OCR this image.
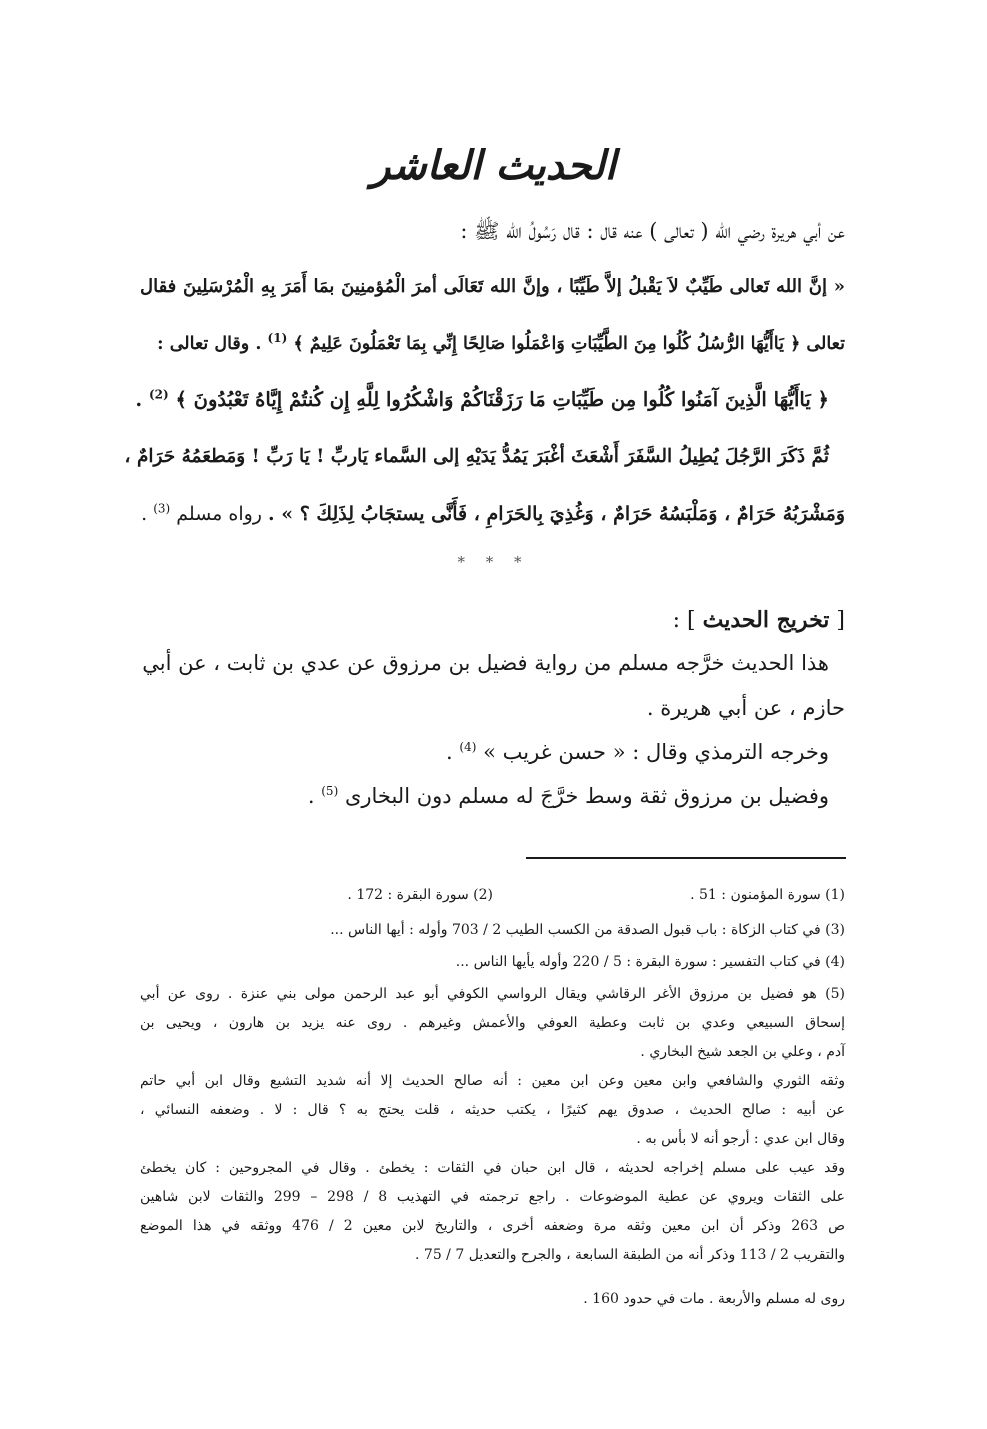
الحديث العاشر
عن أبي هريرة رضي الله ( تعالى ) عنه قال : قال رَسُولُ الله ﷺ :
« إنَّ الله تَعالى طَيِّبٌ لاَ يَقْبلُ إلاَّ طَيِّبًا ، وإنَّ الله تَعَالَى أمرَ الْمُؤمنِينَ بمَا أَمَرَ بِهِ الْمُرْسَلِينَ فقال
تعالى ﴿ يَاأَيُّهَا الرُّسُلُ كُلُوا مِنَ الطَّيِّبَاتِ وَاعْمَلُوا صَالِحًا إِنِّي بِمَا تَعْمَلُونَ عَلِيمٌ ﴾ $^{(1)}$ . وقال تعالى :
﴿ يَاأَيُّهَا الَّذِينَ آمَنُوا كُلُوا مِن طَيِّبَاتِ مَا رَزَقْنَاكُمْ وَاشْكُرُوا لِلَّهِ إِن كُنتُمْ إِيَّاهُ تَعْبُدُونَ ﴾ $^{(2)}$ .
ثُمَّ ذَكَرَ الرَّجُلَ يُطِيلُ السَّفَرَ أَشْعَثَ أغْبَرَ يَمُدُّ يَدَيْهِ إلى السَّماء يَاربِّ ! يَا رَبِّ ! وَمَطعَمُهُ حَرَامٌ ،
وَمَشْرَبُهُ حَرَامٌ ، وَمَلْبَسُهُ حَرَامٌ ، وَغُذِيَ بِالحَرَامِ ، فَأَنَّى يستجَابُ لِذَلِكَ ؟ » . رواه مسلم $^{(3)}$ .
* * *
[ تخريج الحديث ] :
هذا الحديث خرَّجه مسلم من رواية فضيل بن مرزوق عن عدي بن ثابت ، عن أبي
حازم ، عن أبي هريرة .
وخرجه الترمذي وقال : « حسن غريب » $^{(4)}$ .
وفضيل بن مرزوق ثقة وسط خرَّجَ له مسلم دون البخارى $^{(5)}$ .
(1) سورة المؤمنون : 51 .
(2) سورة البقرة : 172 .
(3) في كتاب الزكاة : باب قبول الصدقة من الكسب الطيب 2 / 703 وأوله : أيها الناس ...
(4) في كتاب التفسير : سورة البقرة : 5 / 220 وأوله يأيها الناس ...
(5) هو فضيل بن مرزوق الأغر الرقاشي ويقال الرواسي الكوفي أبو عبد الرحمن مولى بني عنزة . روى عن أبي
إسحاق السبيعي وعدي بن ثابت وعطية العوفي والأعمش وغيرهم . روى عنه يزيد بن هارون ، ويحيى بن
آدم ، وعلي بن الجعد شيخ البخاري .
وثقه الثوري والشافعي وابن معين وعن ابن معين : أنه صالح الحديث إلا أنه شديد التشيع وقال ابن أبي حاتم
عن أبيه : صالح الحديث ، صدوق يهم كثيرًا ، يكتب حديثه ، قلت يحتج به ؟ قال : لا . وضعفه النسائي ،
وقال ابن عدي : أرجو أنه لا بأس به .
وقد عيب على مسلم إخراجه لحديثه ، قال ابن حبان في الثقات : يخطئ . وقال في المجروحين : كان يخطئ
على الثقات ويروي عن عطية الموضوعات . راجع ترجمته في التهذيب 8 / 298 – 299 والثقات لابن شاهين
ص 263 وذكر أن ابن معين وثقه مرة وضعفه أخرى ، والتاريخ لابن معين 2 / 476 ووثقه في هذا الموضع
والتقريب 2 / 113 وذكر أنه من الطبقة السابعة ، والجرح والتعديل 7 / 75 .
روى له مسلم والأربعة . مات في حدود 160 .
